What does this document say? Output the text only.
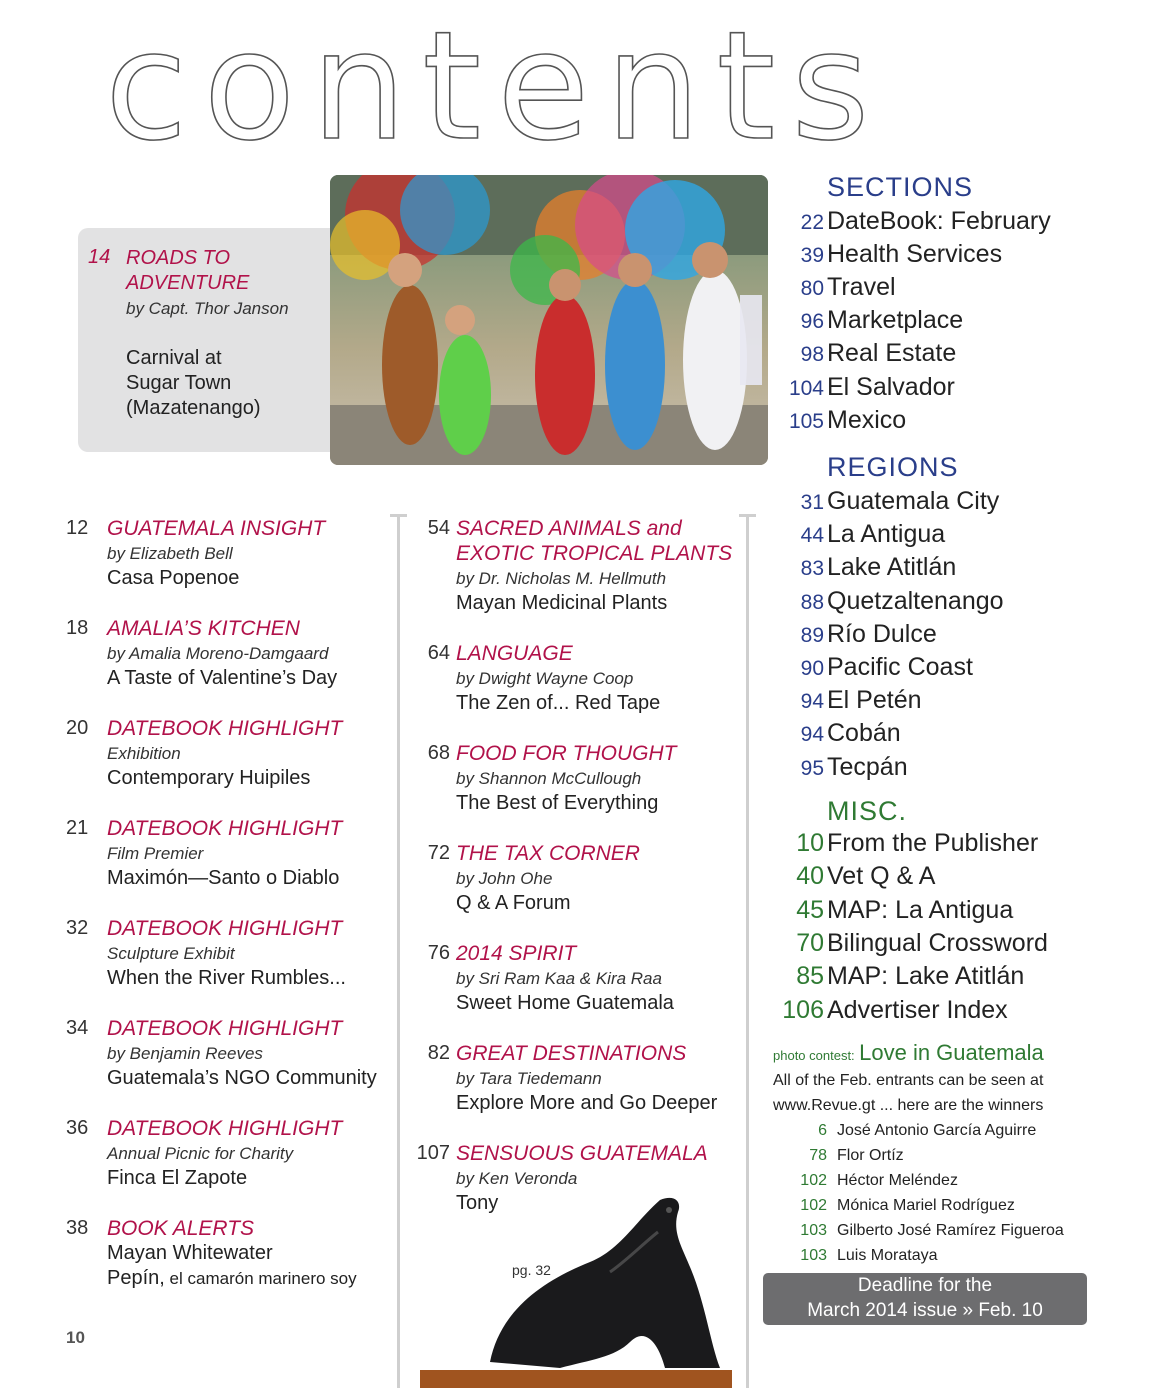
contents
14 ROADS TO
ADVENTURE
by Capt. Thor Janson
Carnival at
Sugar Town
(Mazatenango)
12 GUATEMALA INSIGHT
by Elizabeth Bell
Casa Popenoe
18 AMALIA’S KITCHEN
by Amalia Moreno-Damgaard
A Taste of Valentine’s Day
20 DATEBOOK HIGHLIGHT
Exhibition
Contemporary Huipiles
21 DATEBOOK HIGHLIGHT
Film Premier
Maximón—Santo o Diablo
32 DATEBOOK HIGHLIGHT
Sculpture Exhibit
When the River Rumbles...
34 DATEBOOK HIGHLIGHT
by Benjamin Reeves
Guatemala’s NGO Community
36 DATEBOOK HIGHLIGHT
Annual Picnic for Charity
Finca El Zapote
38 BOOK ALERTS
Mayan Whitewater
Pepín, el camarón marinero soy
54 SACRED ANIMALS and
EXOTIC TROPICAL PLANTS
by Dr. Nicholas M. Hellmuth
Mayan Medicinal Plants
64 LANGUAGE
by Dwight Wayne Coop
The Zen of... Red Tape
68 FOOD FOR THOUGHT
by Shannon McCullough
The Best of Everything
72 THE TAX CORNER
by John Ohe
Q & A Forum
76 2014 SPIRIT
by Sri Ram Kaa & Kira Raa
Sweet Home Guatemala
82 GREAT DESTINATIONS
by Tara Tiedemann
Explore More and Go Deeper
107 SENSUOUS GUATEMALA
by Ken Veronda
Tony
pg. 32
SECTIONS
22 DateBook: February
39 Health Services
80 Travel
96 Marketplace
98 Real Estate
104 El Salvador
105 Mexico
REGIONS
31 Guatemala City
44 La Antigua
83 Lake Atitlán
88 Quetzaltenango
89 Río Dulce
90 Pacific Coast
94 El Petén
94 Cobán
95 Tecpán
MISC.
10 From the Publisher
40 Vet Q & A
45 MAP: La Antigua
70 Bilingual Crossword
85 MAP: Lake Atitlán
106 Advertiser Index
photo contest: Love in Guatemala
All of the Feb. entrants can be seen at
www.Revue.gt ... here are the winners
6 José Antonio García Aguirre
78 Flor Ortíz
102 Héctor Meléndez
102 Mónica Mariel Rodríguez
103 Gilberto José Ramírez Figueroa
103 Luis Morataya
Deadline for the
March 2014 issue » Feb. 10
10
